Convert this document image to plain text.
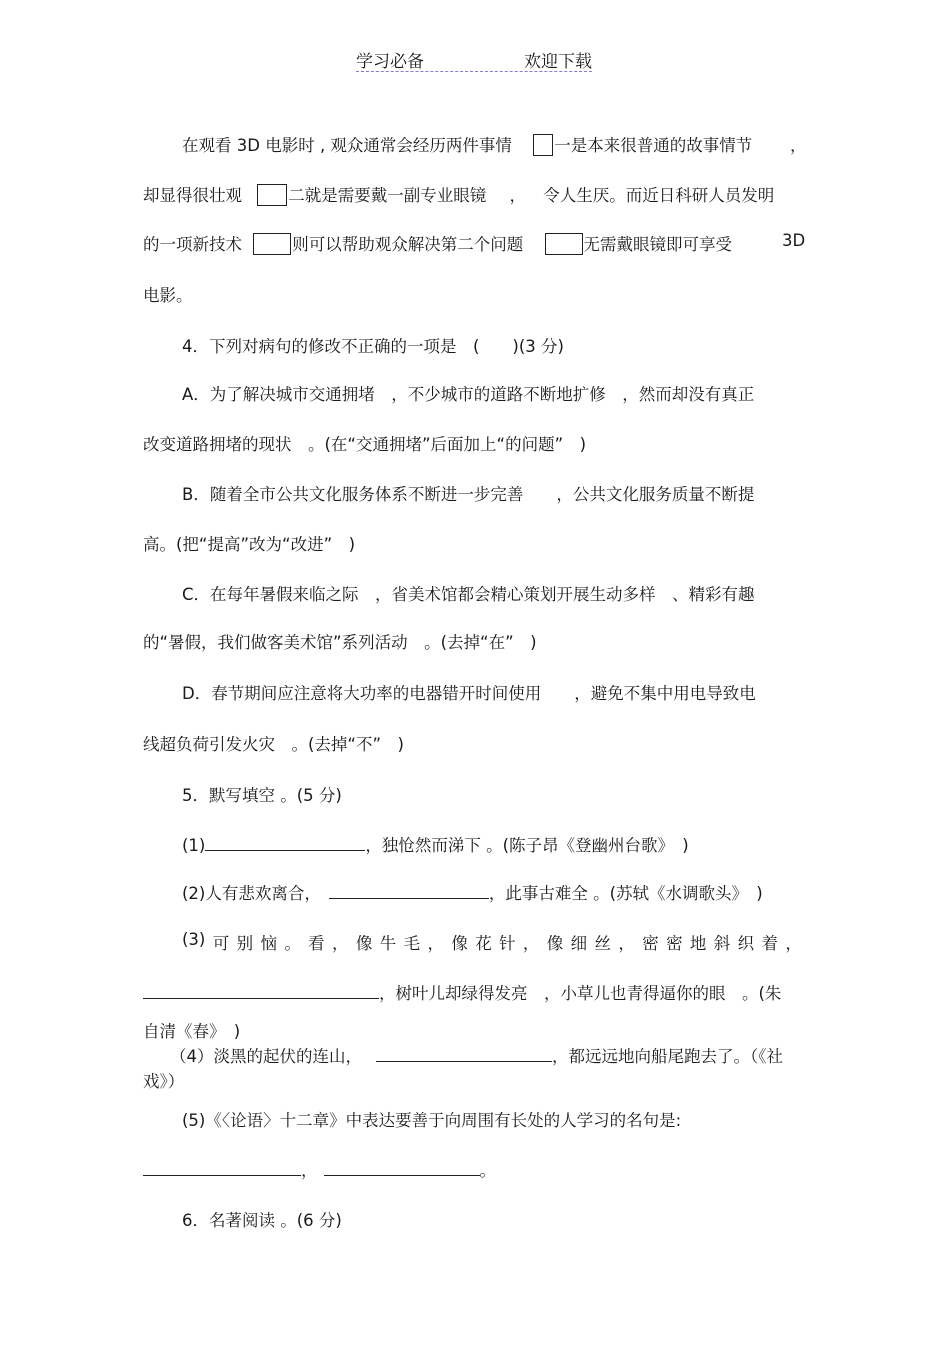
学习必备	欢迎下载
在观看 3D 电影时 , 观众通常会经历两件事情	一是本来很普通的故事情节 ，
却显得很壮观	二就是需要戴一副专业眼镜 ， 令人生厌。而近日科研人员发明
的一项新技术	则可以帮助观众解决第二个问题	无需戴眼镜即可享受	3D
电影。
4．下列对病句的修改不正确的一项是　(　　)(3 分)
A．为了解决城市交通拥堵　，不少城市的道路不断地扩修　，然而却没有真正
改变道路拥堵的现状　。(在“交通拥堵”后面加上“的问题”　)
B．随着全市公共文化服务体系不断进一步完善　　，公共文化服务质量不断提
高。(把“提高”改为“改进”　)
C．在每年暑假来临之际　，省美术馆都会精心策划开展生动多样　、精彩有趣
的“暑假，我们做客美术馆”系列活动　。(去掉“在”　)
D．春节期间应注意将大功率的电器错开时间使用　　，避免不集中用电导致电
线超负荷引发火灾　。(去掉“不”　)
5．默写填空 。(5 分)
(1)	，独怆然而涕下 。(陈子昂《登幽州台歌》　)
(2)人有悲欢离合，	，此事古难全 。(苏轼《水调歌头》　)
(3) 可 别 恼 。 看 ， 像 牛 毛 ， 像 花 针 ， 像 细 丝 ， 密 密 地 斜 织 着 ，
，树叶儿却绿得发亮　，小草儿也青得逼你的眼　。(朱
自清《春》　)
（4）淡黑的起伏的连山，	，都远远地向船尾跑去了。（《社
戏》）
(5)《〈论语〉十二章》中表达要善于向周围有长处的人学习的名句是:
，	。
6．名著阅读 。(6 分)
